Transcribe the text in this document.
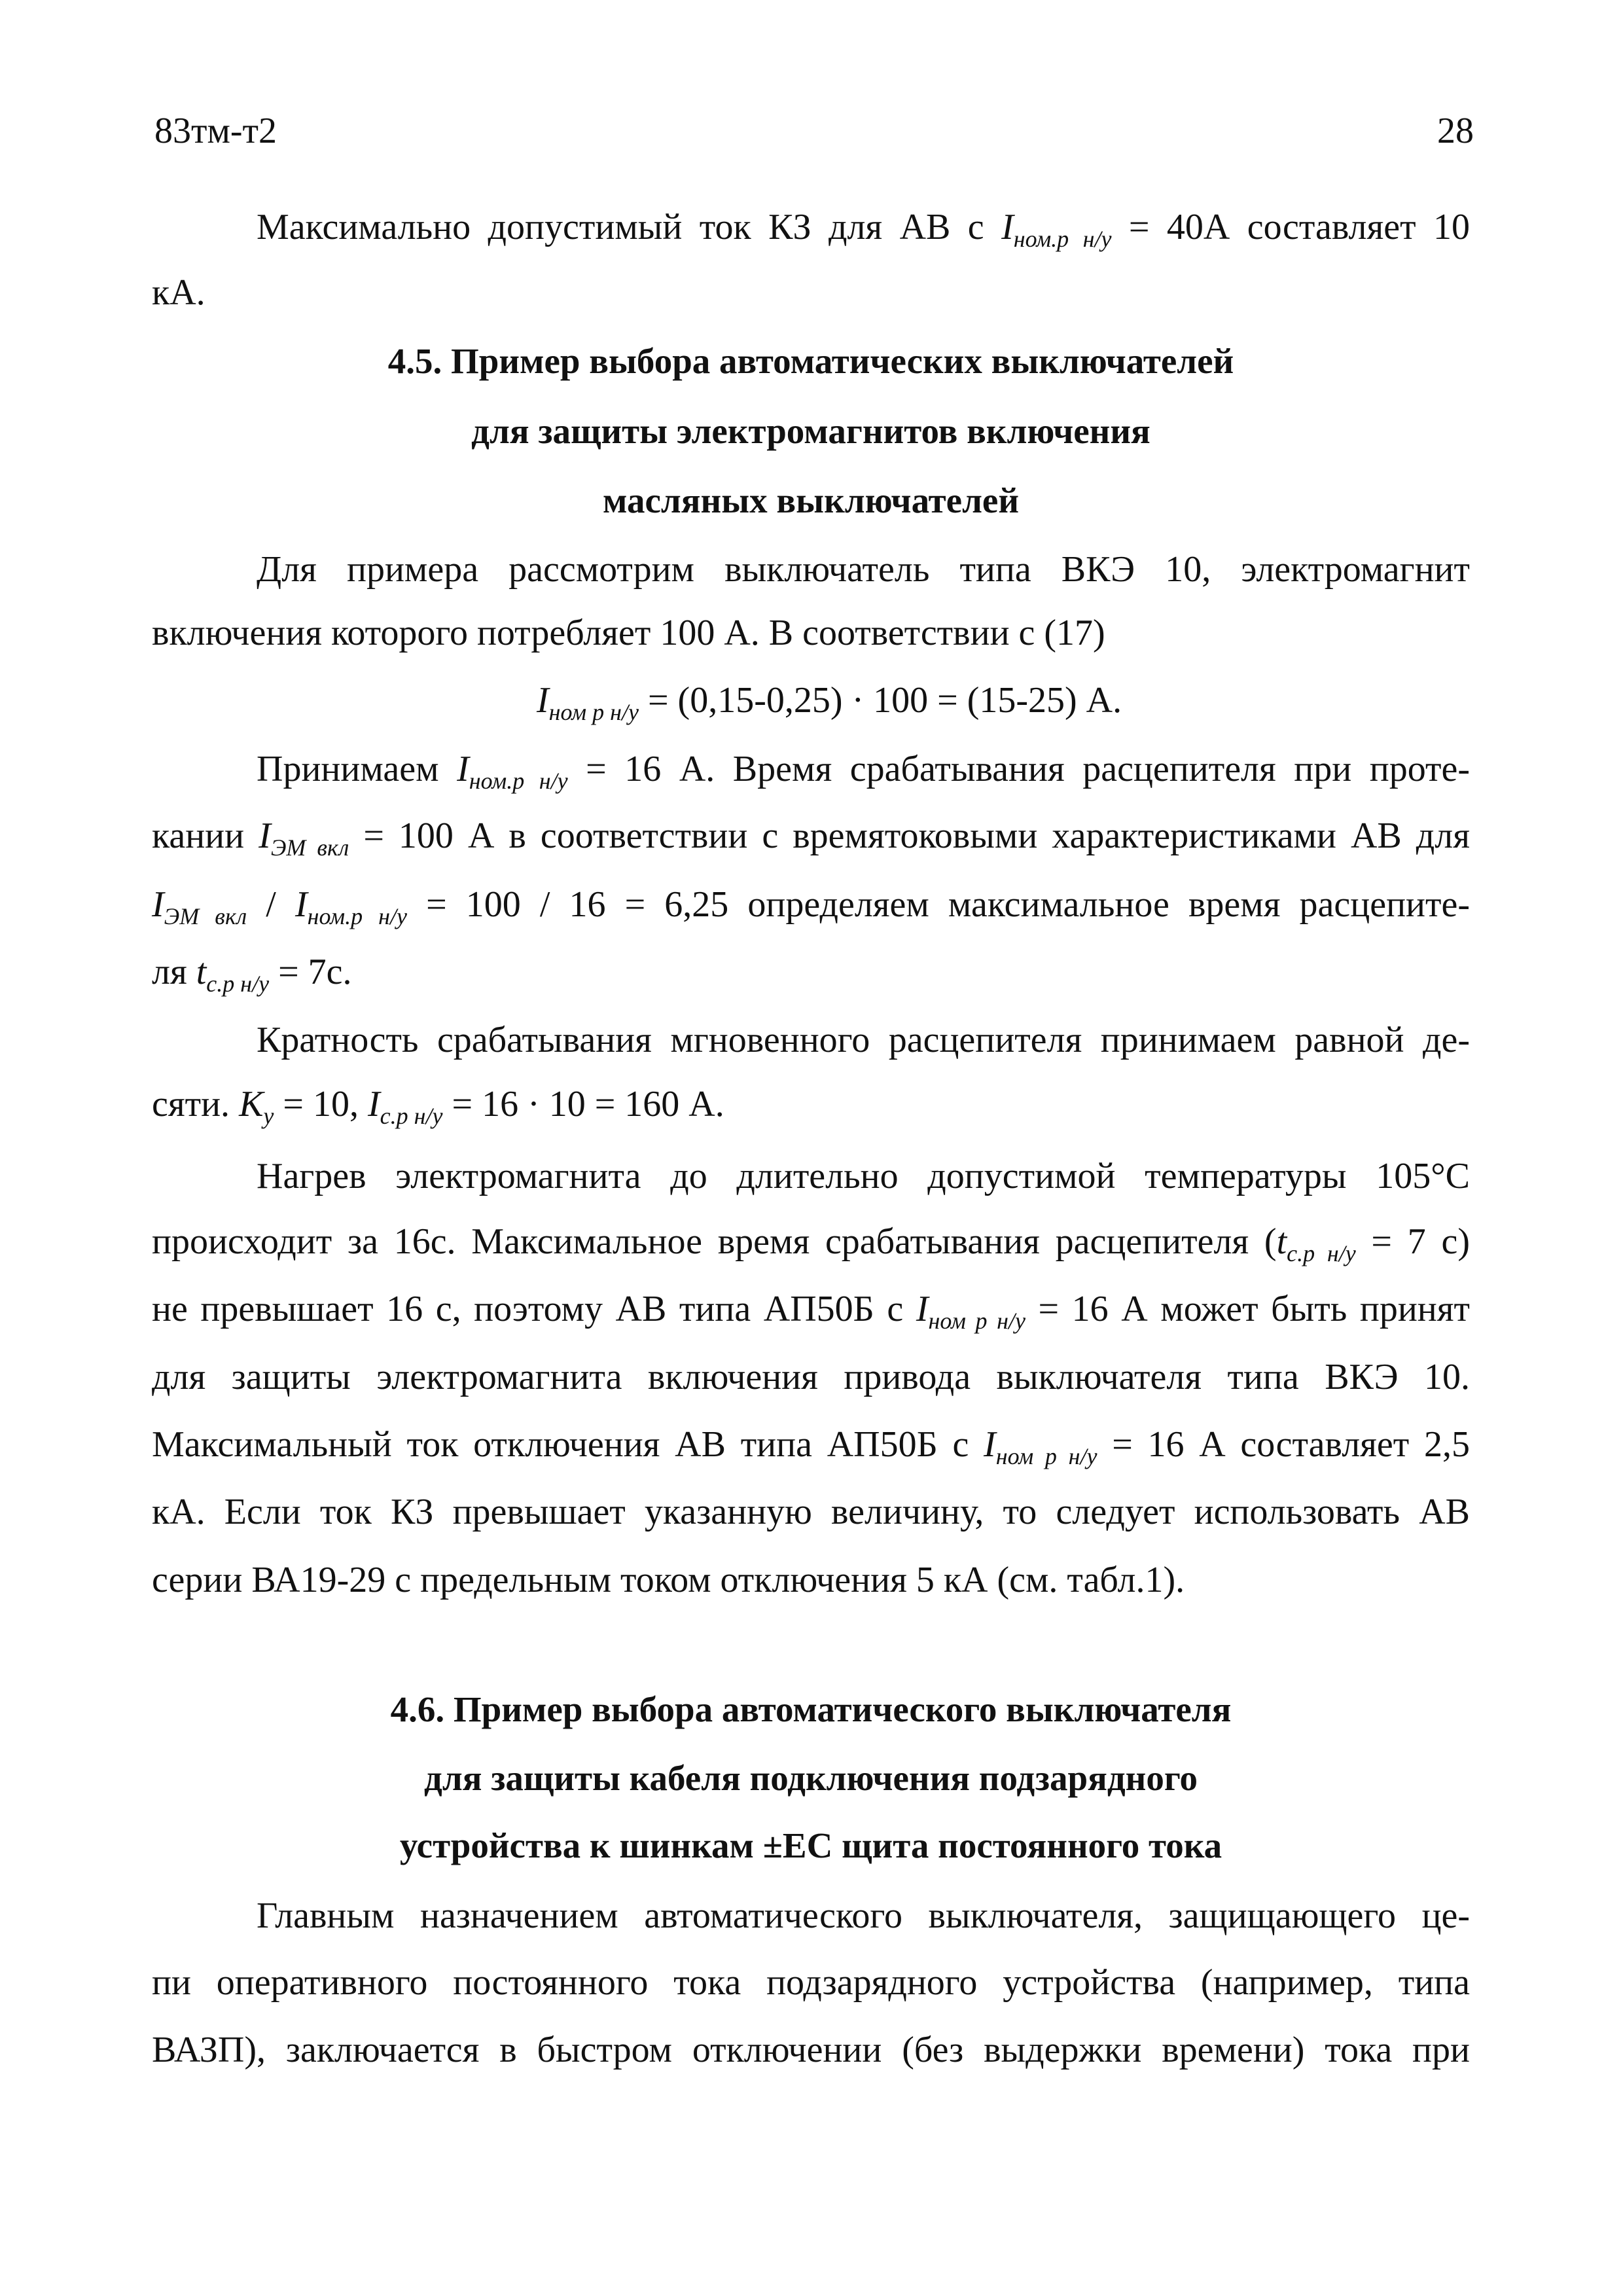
83тм-т2	28
Максимально допустимый ток КЗ для АВ с $I_{ном.р н/у} = 40А$ составляет 10
кА.
4.5. Пример выбора автоматических выключателей
для защиты электромагнитов включения
масляных выключателей
Для примера рассмотрим выключатель типа ВКЭ 10, электромагнит
включения которого потребляет 100 А. В соответствии с (17)
$I_{ном р н/у} = (0,15-0,25) \cdot 100 = (15-25)$ А.
Принимаем $I_{ном.р н/у} = 16$ А. Время срабатывания расцепителя при проте-
кании $I_{ЭМ вкл} = 100$ А в соответствии с времятоковыми характеристиками АВ для
$I_{ЭМ вкл} / I_{ном.р н/у} = 100 / 16 = 6,25$ определяем максимальное время расцепите-
ля $t_{с.р н/у} = 7с$.
Кратность срабатывания мгновенного расцепителя принимаем равной де-
сяти. $K_у = 10$, $I_{с.р н/у} = 16 \cdot 10 = 160$ А.
Нагрев электромагнита до длительно допустимой температуры 105°С
происходит за 16с. Максимальное время срабатывания расцепителя ($t_{с.р н/у} = 7$ с)
не превышает 16 с, поэтому АВ типа АП50Б с $I_{ном р н/у} = 16$ А может быть принят
для защиты электромагнита включения привода выключателя типа ВКЭ 10.
Максимальный ток отключения АВ типа АП50Б с $I_{ном р н/у} = 16$ А составляет 2,5
кА. Если ток КЗ превышает указанную величину, то следует использовать АВ
серии ВА19-29 с предельным током отключения 5 кА (см. табл.1).
4.6. Пример выбора автоматического выключателя
для защиты кабеля подключения подзарядного
устройства к шинкам ±ЕС щита постоянного тока
Главным назначением автоматического выключателя, защищающего це-
пи оперативного постоянного тока подзарядного устройства (например, типа
ВАЗП), заключается в быстром отключении (без выдержки времени) тока при
